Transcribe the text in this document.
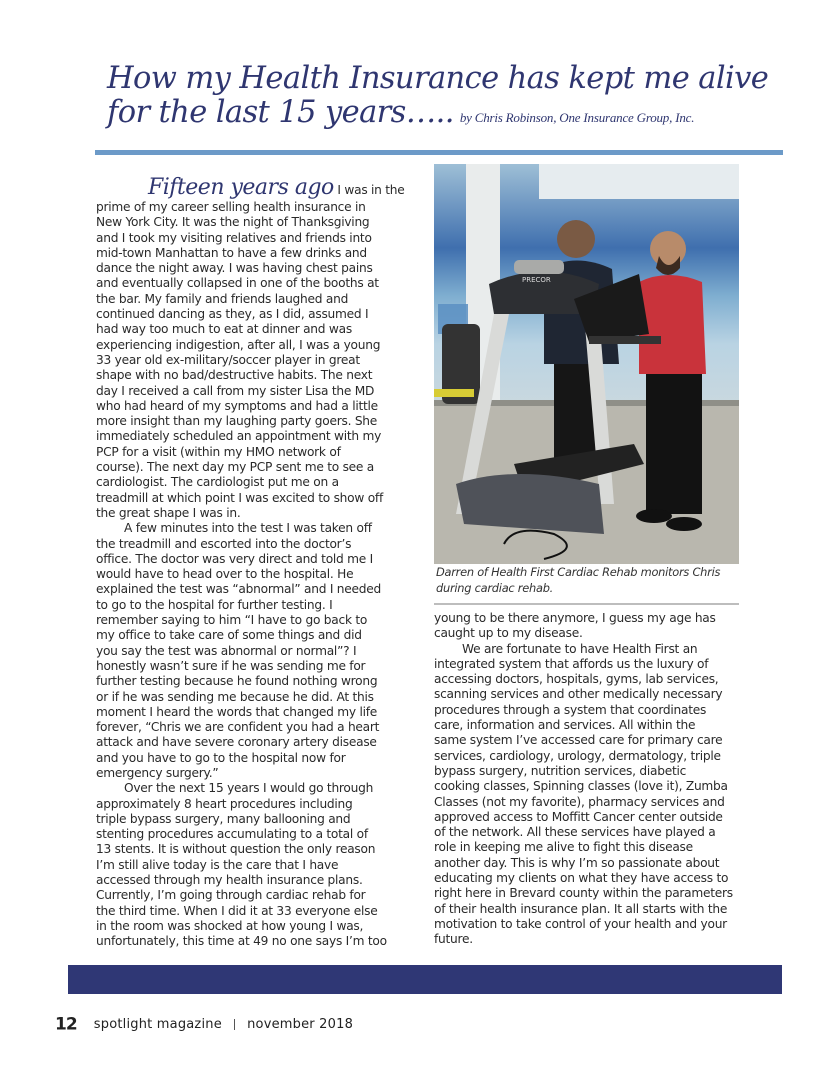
How my Health Insurance has kept me alive
for the last 15 years….. by Chris Robinson, One Insurance Group, Inc.
Fifteen years ago I was in the
prime of my career selling health insurance in
New York City. It was the night of Thanksgiving
and I took my visiting relatives and friends into
mid-town Manhattan to have a few drinks and
dance the night away. I was having chest pains
and eventually collapsed in one of the booths at
the bar. My family and friends laughed and
continued dancing as they, as I did, assumed I
had way too much to eat at dinner and was
experiencing indigestion, after all, I was a young
33 year old ex-military/soccer player in great
shape with no bad/destructive habits. The next
day I received a call from my sister Lisa the MD
who had heard of my symptoms and had a little
more insight than my laughing party goers. She
immediately scheduled an appointment with my
PCP for a visit (within my HMO network of
course). The next day my PCP sent me to see a
cardiologist. The cardiologist put me on a
treadmill at which point I was excited to show off
the great shape I was in.
A few minutes into the test I was taken off
the treadmill and escorted into the doctor’s
office. The doctor was very direct and told me I
would have to head over to the hospital. He
explained the test was “abnormal” and I needed
to go to the hospital for further testing. I
remember saying to him “I have to go back to
my office to take care of some things and did
you say the test was abnormal or normal”? I
honestly wasn’t sure if he was sending me for
further testing because he found nothing wrong
or if he was sending me because he did. At this
moment I heard the words that changed my life
forever, “Chris we are confident you had a heart
attack and have severe coronary artery disease
and you have to go to the hospital now for
emergency surgery.”
Over the next 15 years I would go through
approximately 8 heart procedures including
triple bypass surgery, many ballooning and
stenting procedures accumulating to a total of
13 stents. It is without question the only reason
I’m still alive today is the care that I have
accessed through my health insurance plans.
Currently, I’m going through cardiac rehab for
the third time. When I did it at 33 everyone else
in the room was shocked at how young I was,
unfortunately, this time at 49 no one says I’m too
PRECOR
Darren of Health First Cardiac Rehab monitors Chris
during cardiac rehab.
young to be there anymore, I guess my age has
caught up to my disease.
We are fortunate to have Health First an
integrated system that affords us the luxury of
accessing doctors, hospitals, gyms, lab services,
scanning services and other medically necessary
procedures through a system that coordinates
care, information and services. All within the
same system I’ve accessed care for primary care
services, cardiology, urology, dermatology, triple
bypass surgery, nutrition services, diabetic
cooking classes, Spinning classes (love it), Zumba
Classes (not my favorite), pharmacy services and
approved access to Moffitt Cancer center outside
of the network. All these services have played a
role in keeping me alive to fight this disease
another day. This is why I’m so passionate about
educating my clients on what they have access to
right here in Brevard county within the parameters
of their health insurance plan. It all starts with the
motivation to take control of your health and your
future.
12 spotlight magazine november 2018
